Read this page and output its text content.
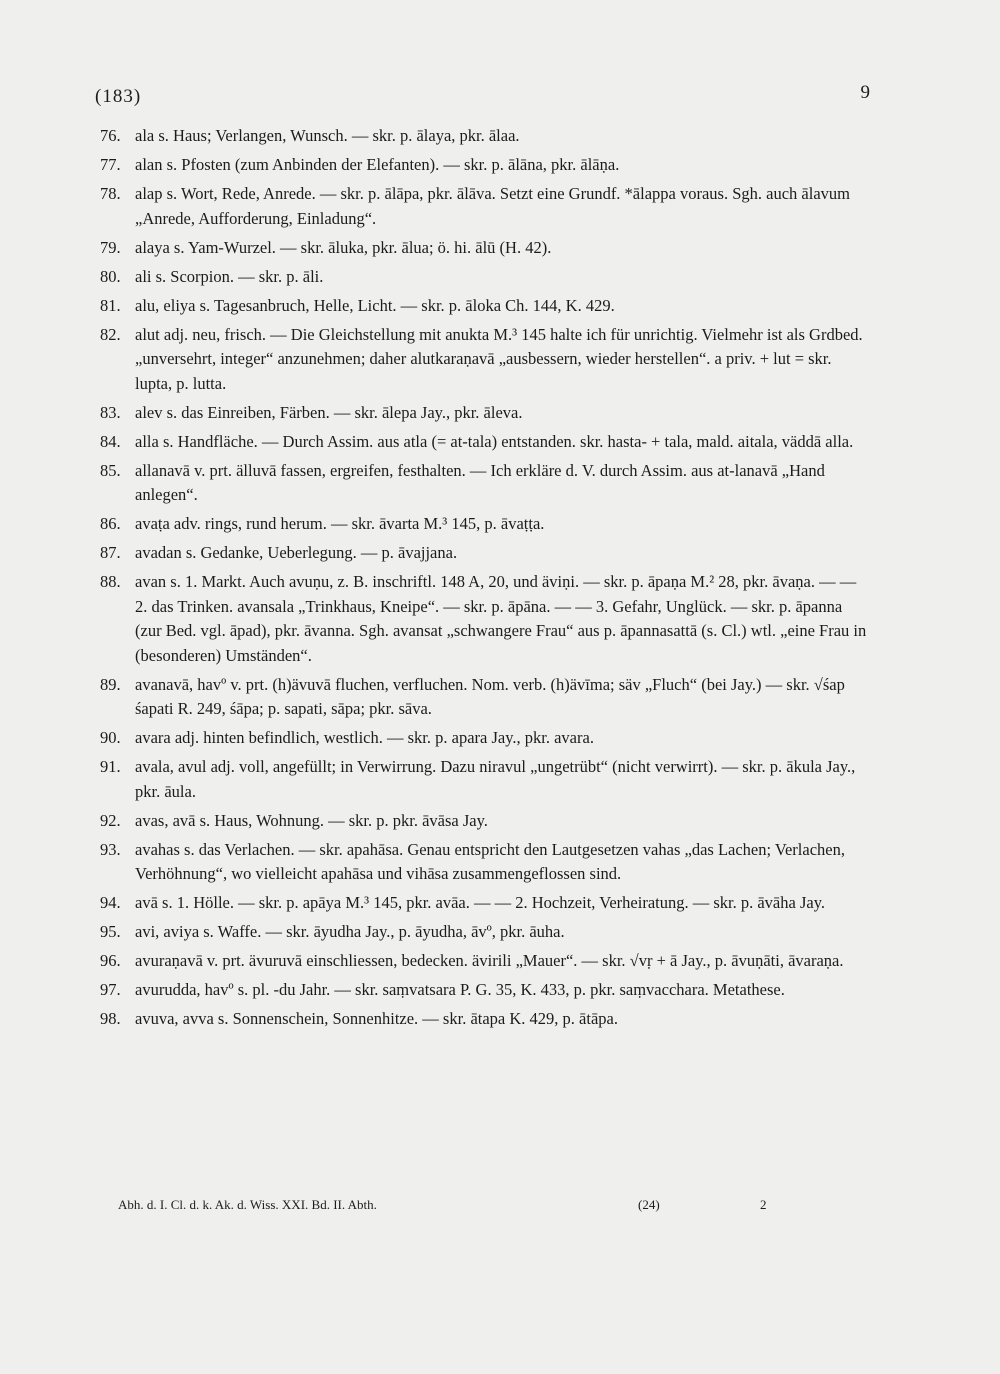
(183)	9
76. ala s. Haus; Verlangen, Wunsch. — skr. p. ālaya, pkr. ālaa.
77. alan s. Pfosten (zum Anbinden der Elefanten). — skr. p. ālāna, pkr. ālāṇa.
78. alap s. Wort, Rede, Anrede. — skr. p. ālāpa, pkr. ālāva. Setzt eine Grundf. *ālappa voraus. Sgh. auch ālavum „Anrede, Aufforderung, Einladung“.
79. alaya s. Yam-Wurzel. — skr. āluka, pkr. ālua; ö. hi. ālū (H. 42).
80. ali s. Scorpion. — skr. p. āli.
81. alu, eliya s. Tagesanbruch, Helle, Licht. — skr. p. āloka Ch. 144, K. 429.
82. alut adj. neu, frisch. — Die Gleichstellung mit anukta M.³ 145 halte ich für unrichtig. Vielmehr ist als Grdbed. „unversehrt, integer“ anzunehmen; daher alutkaraṇavā „ausbessern, wieder herstellen“. a priv. + lut = skr. lupta, p. lutta.
83. alev s. das Einreiben, Färben. — skr. ālepa Jay., pkr. āleva.
84. alla s. Handfläche. — Durch Assim. aus atla (= at-tala) entstanden. skr. hasta- + tala, mald. aitala, väddā alla.
85. allanavā v. prt. älluvā fassen, ergreifen, festhalten. — Ich erkläre d. V. durch Assim. aus at-lanavā „Hand anlegen“.
86. avaṭa adv. rings, rund herum. — skr. āvarta M.³ 145, p. āvaṭṭa.
87. avadan s. Gedanke, Ueberlegung. — p. āvajjana.
88. avan s. 1. Markt. Auch avuṇu, z. B. inschriftl. 148 A, 20, und äviṇi. — skr. p. āpaṇa M.² 28, pkr. āvaṇa. — — 2. das Trinken. avansala „Trinkhaus, Kneipe“. — skr. p. āpāna. — — 3. Gefahr, Unglück. — skr. p. āpanna (zur Bed. vgl. āpad), pkr. āvanna. Sgh. avansat „schwangere Frau“ aus p. āpannasattā (s. Cl.) wtl. „eine Frau in (besonderen) Umständen“.
89. avanavā, havº v. prt. (h)ävuvā fluchen, verfluchen. Nom. verb. (h)ävīma; säv „Fluch“ (bei Jay.) — skr. √śap śapati R. 249, śāpa; p. sapati, sāpa; pkr. sāva.
90. avara adj. hinten befindlich, westlich. — skr. p. apara Jay., pkr. avara.
91. avala, avul adj. voll, angefüllt; in Verwirrung. Dazu niravul „ungetrübt“ (nicht verwirrt). — skr. p. ākula Jay., pkr. āula.
92. avas, avā s. Haus, Wohnung. — skr. p. pkr. āvāsa Jay.
93. avahas s. das Verlachen. — skr. apahāsa. Genau entspricht den Lautgesetzen vahas „das Lachen; Verlachen, Verhöhnung“, wo vielleicht apahāsa und vihāsa zusammengeflossen sind.
94. avā s. 1. Hölle. — skr. p. apāya M.³ 145, pkr. avāa. — — 2. Hochzeit, Verheiratung. — skr. p. āvāha Jay.
95. avi, aviya s. Waffe. — skr. āyudha Jay., p. āyudha, āvº, pkr. āuha.
96. avuraṇavā v. prt. ävuruvā einschliessen, bedecken. ävirili „Mauer“. — skr. √vṛ + ā Jay., p. āvuṇāti, āvaraṇa.
97. avurudda, havº s. pl. -du Jahr. — skr. saṃvatsara P. G. 35, K. 433, p. pkr. saṃvacchara. Metathese.
98. avuva, avva s. Sonnenschein, Sonnenhitze. — skr. ātapa K. 429, p. ātāpa.
Abh. d. I. Cl. d. k. Ak. d. Wiss. XXI. Bd. II. Abth.	(24)	2
